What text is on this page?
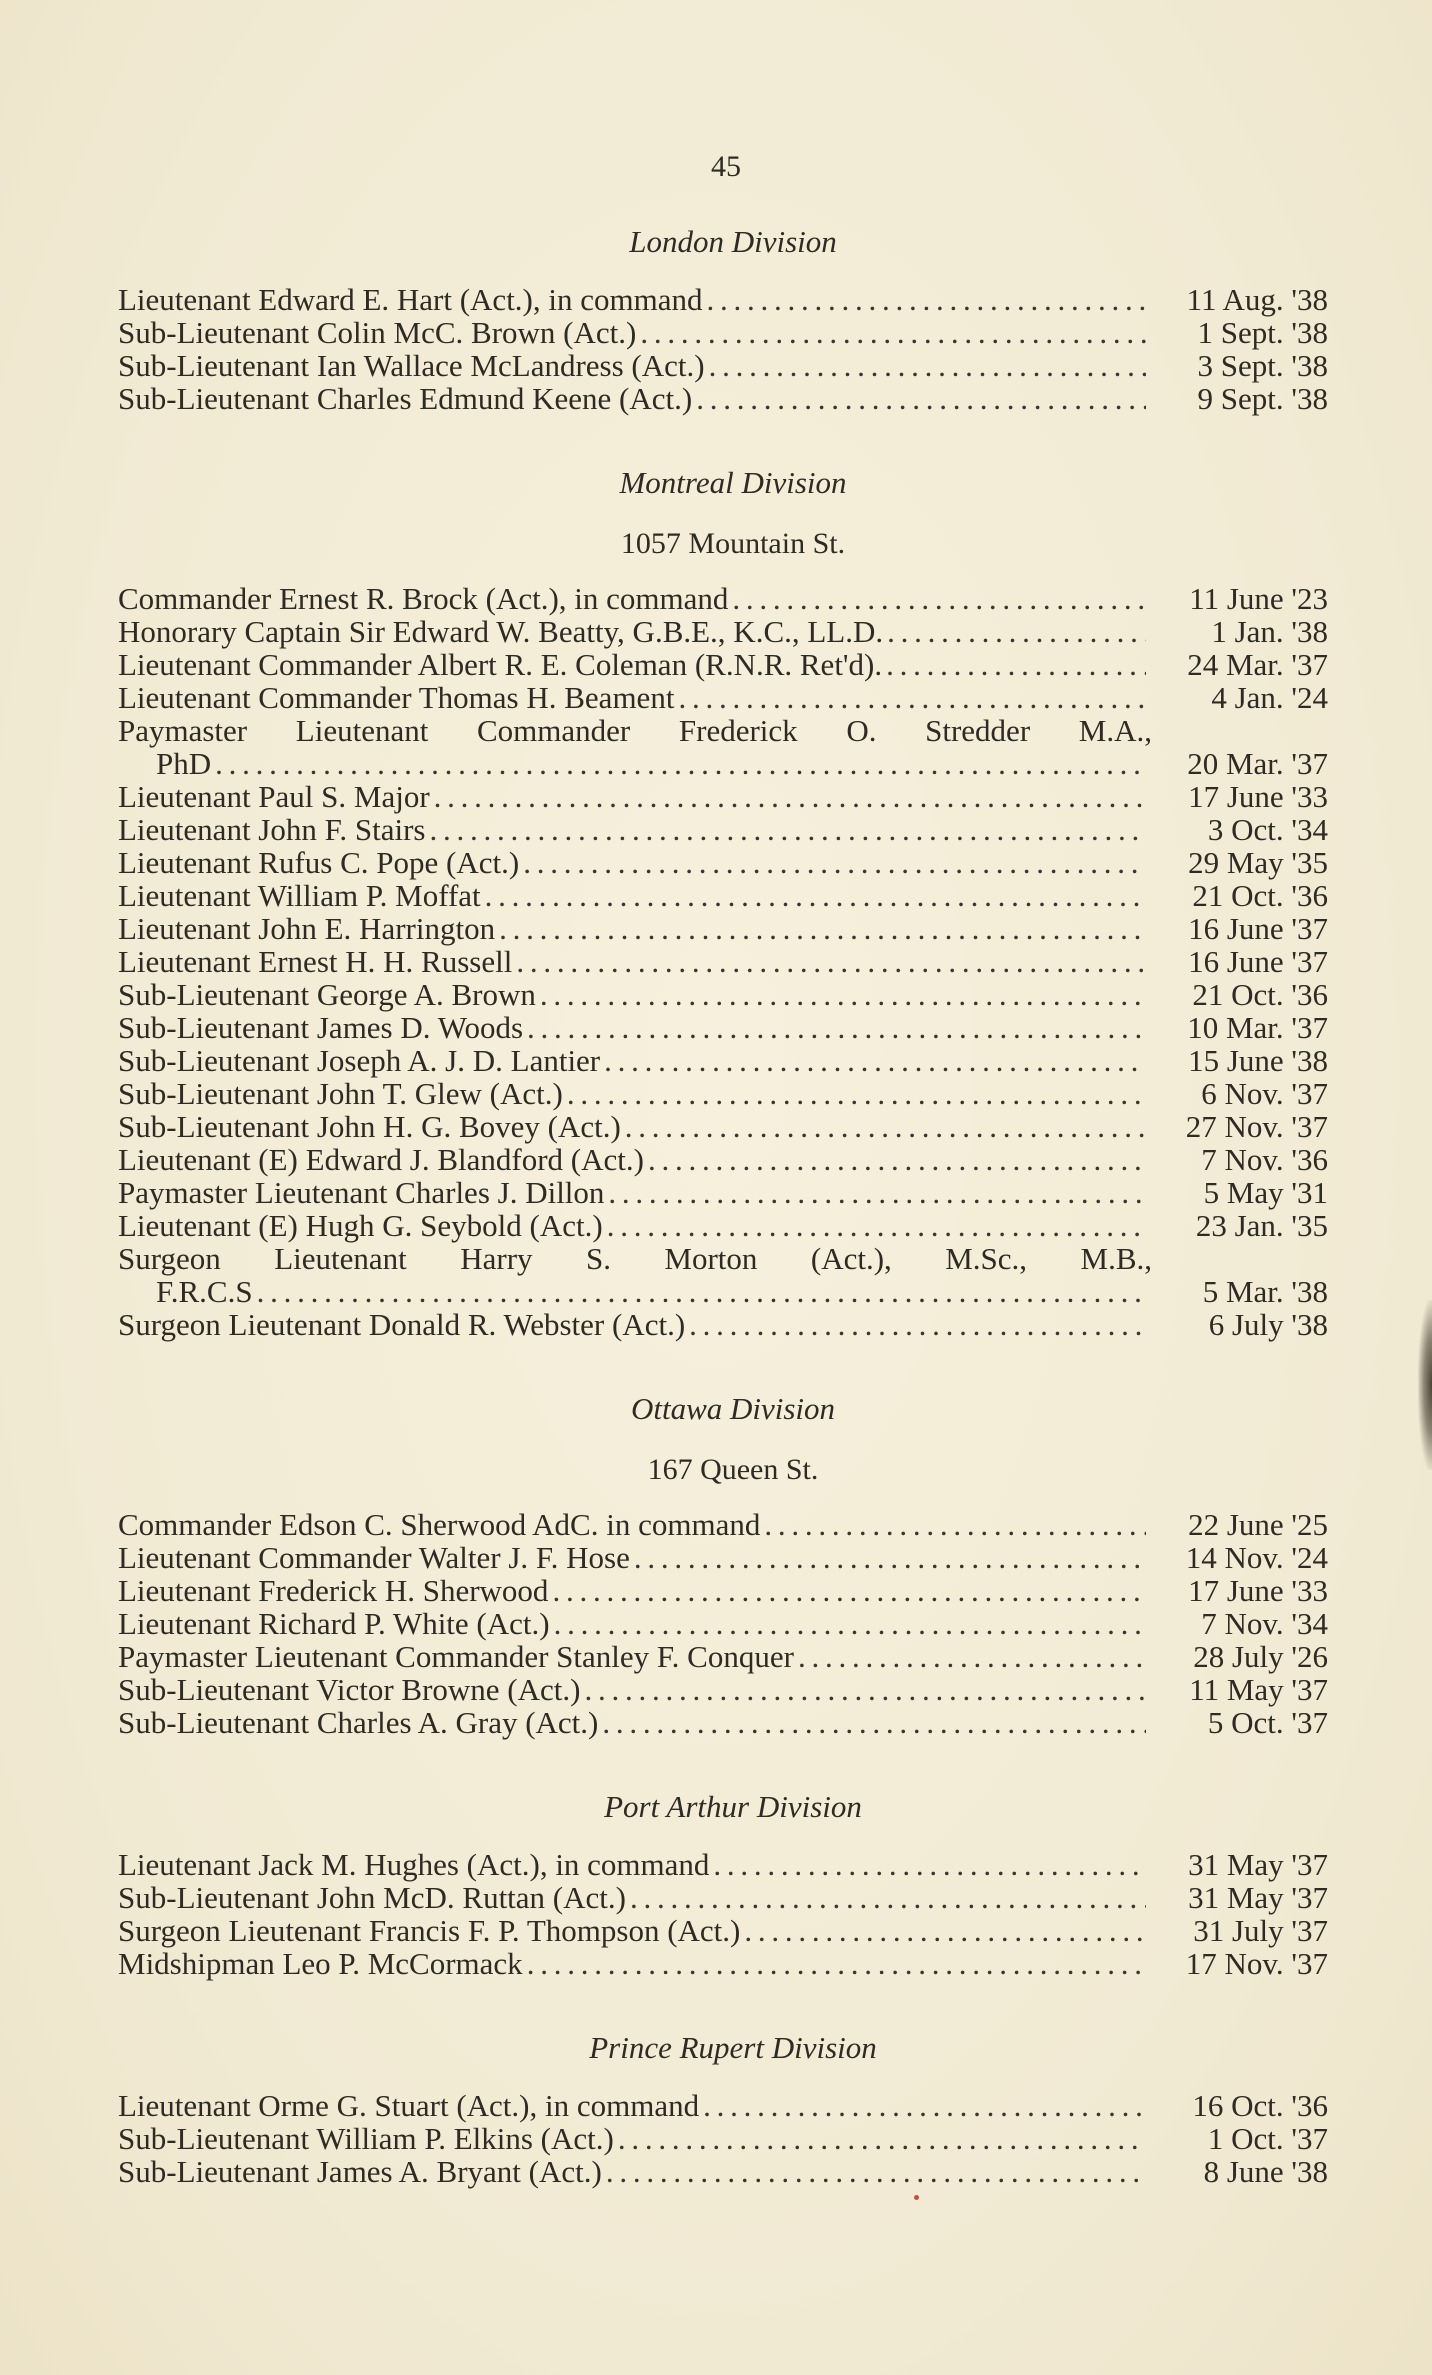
45
London Division
Lieutenant Edward E. Hart (Act.), in command . . .	11 Aug. '38
Sub-Lieutenant Colin McC. Brown (Act.) . . .	1 Sept. '38
Sub-Lieutenant Ian Wallace McLandress (Act.) . . .	3 Sept. '38
Sub-Lieutenant Charles Edmund Keene (Act.) . . .	9 Sept. '38
Montreal Division
1057 Mountain St.
Commander Ernest R. Brock (Act.), in command . . .	11 June '23
Honorary Captain Sir Edward W. Beatty, G.B.E., K.C., LL.D. . . .	1 Jan. '38
Lieutenant Commander Albert R. E. Coleman (R.N.R. Ret'd). . . .	24 Mar. '37
Lieutenant Commander Thomas H. Beament . . .	4 Jan. '24
Paymaster Lieutenant Commander Frederick O. Stredder M.A.,
PhD . . .	20 Mar. '37
Lieutenant Paul S. Major . . .	17 June '33
Lieutenant John F. Stairs . . .	3 Oct. '34
Lieutenant Rufus C. Pope (Act.) . . .	29 May '35
Lieutenant William P. Moffat . . .	21 Oct. '36
Lieutenant John E. Harrington . . .	16 June '37
Lieutenant Ernest H. H. Russell . . .	16 June '37
Sub-Lieutenant George A. Brown . . .	21 Oct. '36
Sub-Lieutenant James D. Woods . . .	10 Mar. '37
Sub-Lieutenant Joseph A. J. D. Lantier . . .	15 June '38
Sub-Lieutenant John T. Glew (Act.) . . .	6 Nov. '37
Sub-Lieutenant John H. G. Bovey (Act.) . . .	27 Nov. '37
Lieutenant (E) Edward J. Blandford (Act.) . . .	7 Nov. '36
Paymaster Lieutenant Charles J. Dillon . . .	5 May '31
Lieutenant (E) Hugh G. Seybold (Act.) . . .	23 Jan. '35
Surgeon Lieutenant Harry S. Morton (Act.), M.Sc., M.B.,
F.R.C.S . . .	5 Mar. '38
Surgeon Lieutenant Donald R. Webster (Act.) . . .	6 July '38
Ottawa Division
167 Queen St.
Commander Edson C. Sherwood AdC. in command . . .	22 June '25
Lieutenant Commander Walter J. F. Hose . . .	14 Nov. '24
Lieutenant Frederick H. Sherwood . . .	17 June '33
Lieutenant Richard P. White (Act.) . . .	7 Nov. '34
Paymaster Lieutenant Commander Stanley F. Conquer . . .	28 July '26
Sub-Lieutenant Victor Browne (Act.) . . .	11 May '37
Sub-Lieutenant Charles A. Gray (Act.) . . .	5 Oct. '37
Port Arthur Division
Lieutenant Jack M. Hughes (Act.), in command . . .	31 May '37
Sub-Lieutenant John McD. Ruttan (Act.) . . .	31 May '37
Surgeon Lieutenant Francis F. P. Thompson (Act.) . . .	31 July '37
Midshipman Leo P. McCormack . . .	17 Nov. '37
Prince Rupert Division
Lieutenant Orme G. Stuart (Act.), in command . . .	16 Oct. '36
Sub-Lieutenant William P. Elkins (Act.) . . .	1 Oct. '37
Sub-Lieutenant James A. Bryant (Act.) . . .	8 June '38
